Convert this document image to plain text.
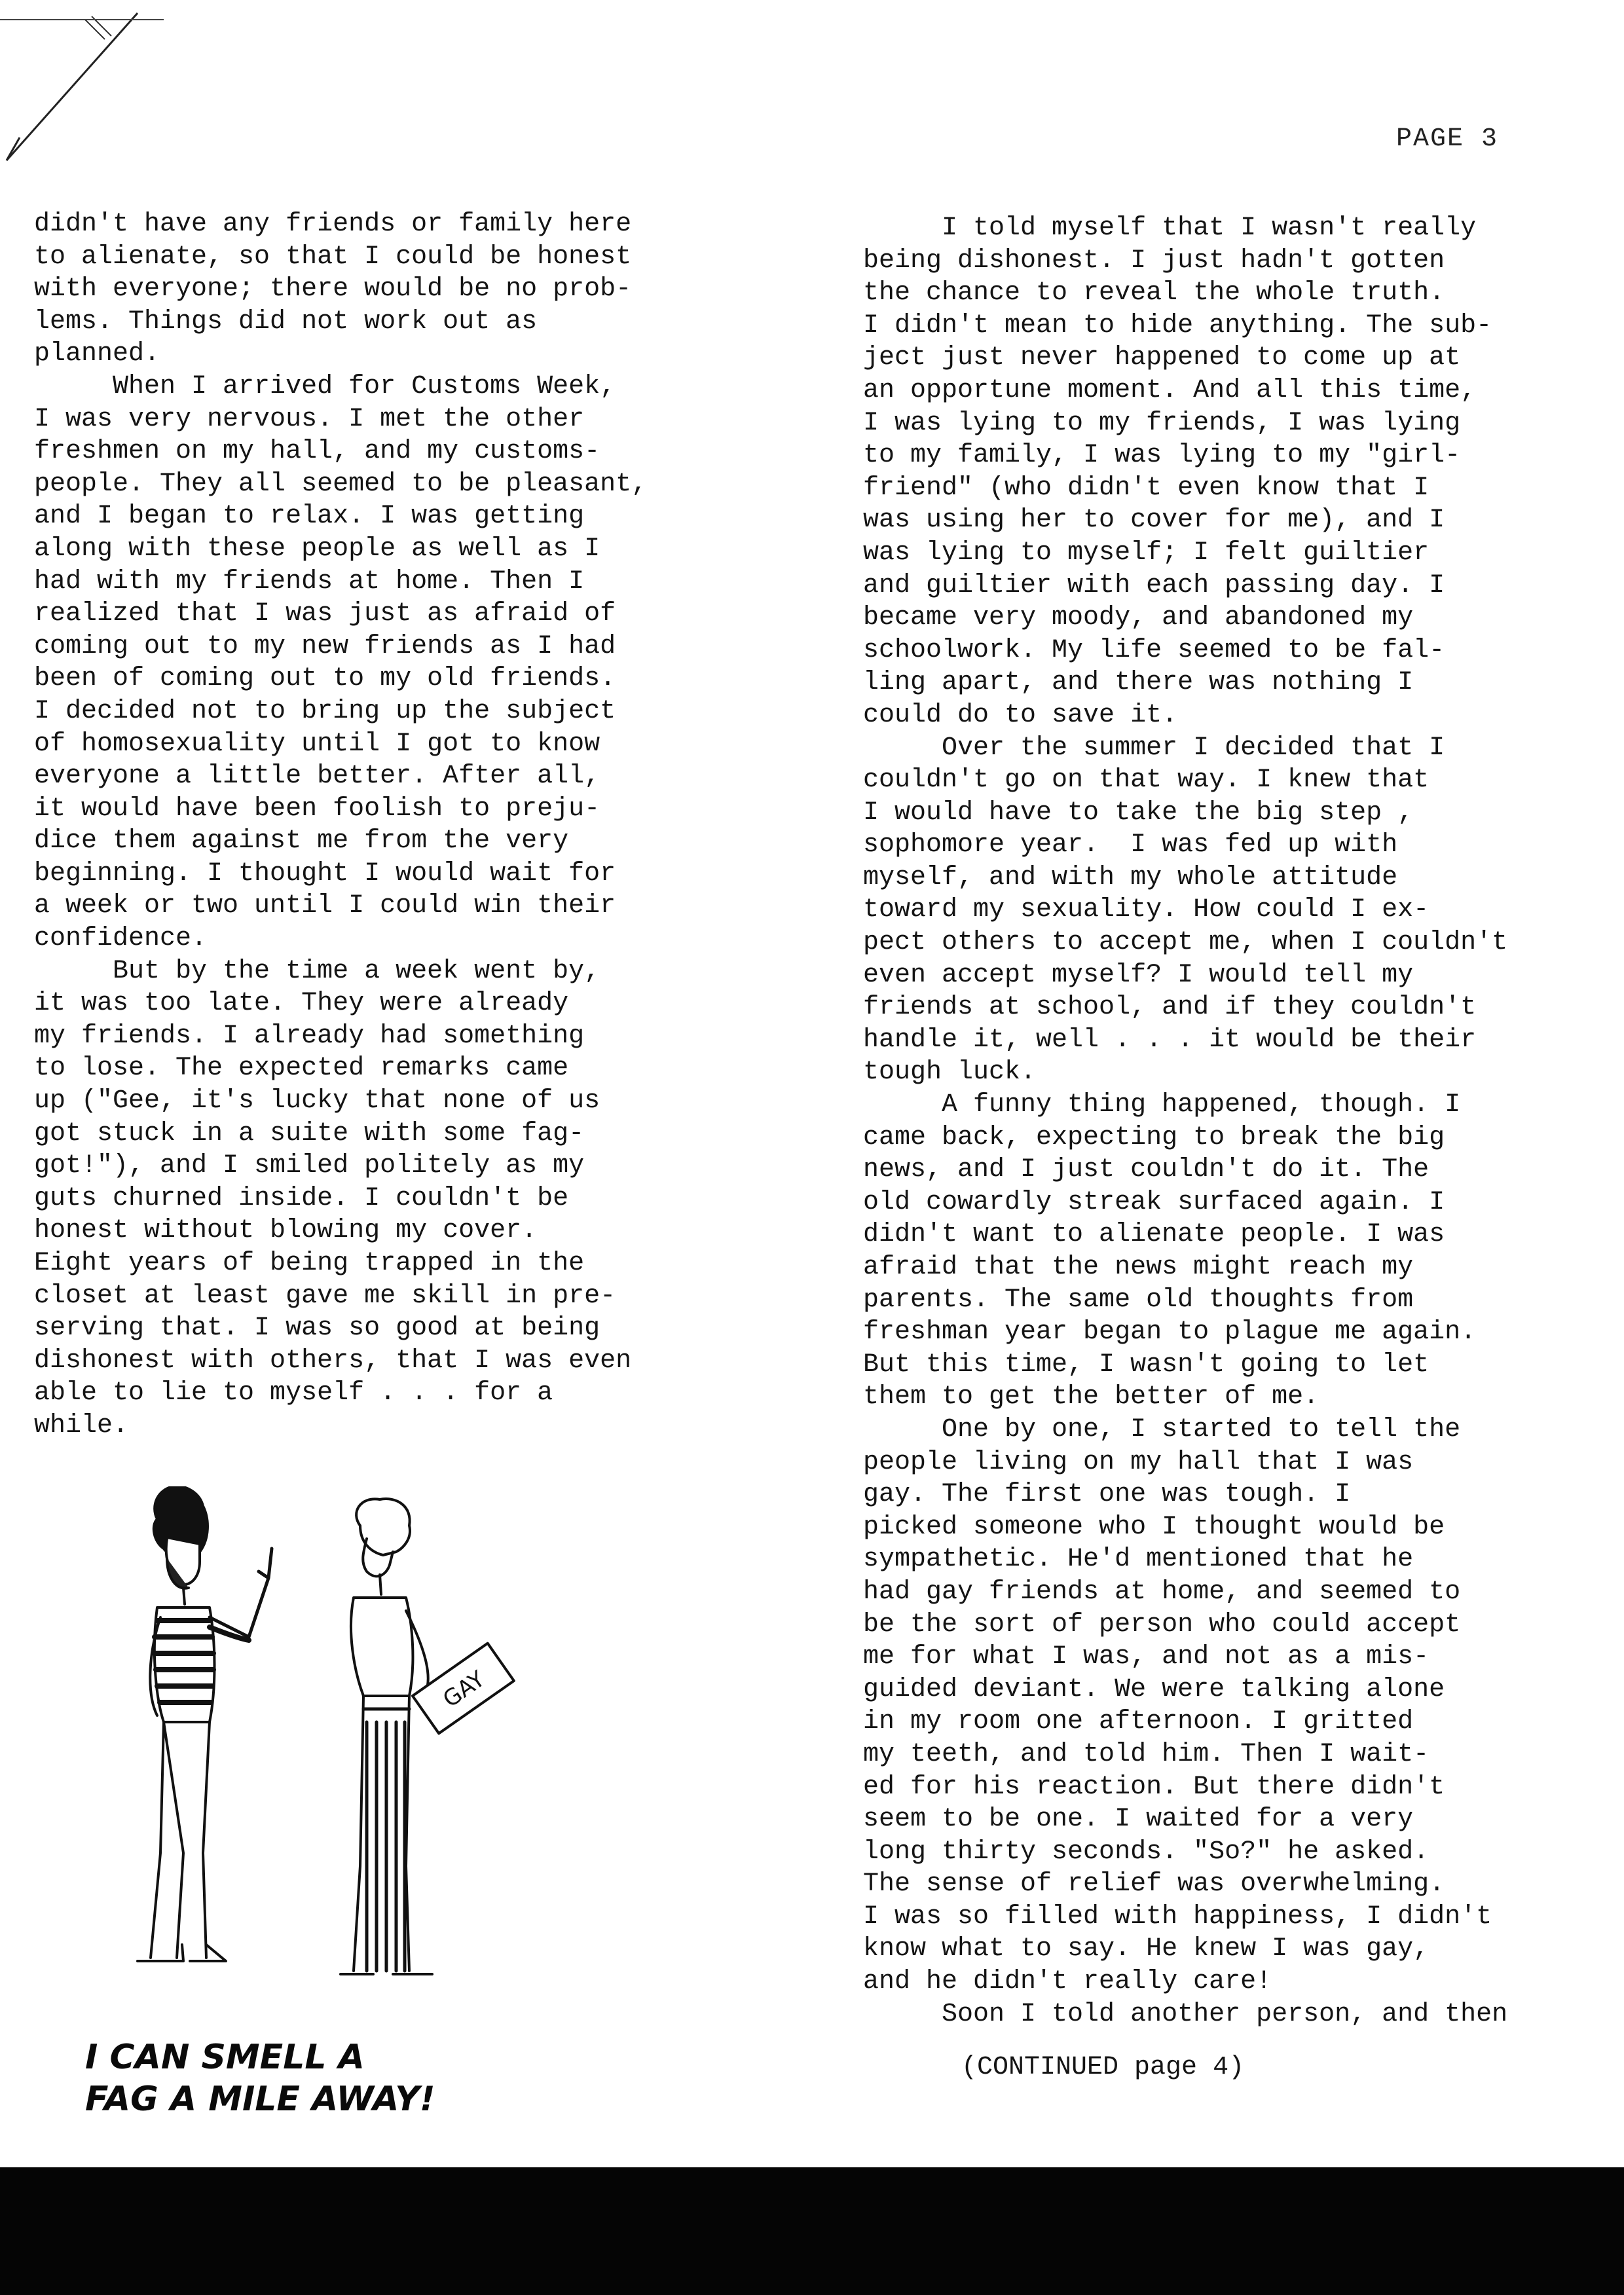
PAGE 3
didn't have any friends or family here
to alienate, so that I could be honest
with everyone; there would be no prob-
lems. Things did not work out as
planned.
When I arrived for Customs Week,
I was very nervous. I met the other
freshmen on my hall, and my customs-
people. They all seemed to be pleasant,
and I began to relax. I was getting
along with these people as well as I
had with my friends at home. Then I
realized that I was just as afraid of
coming out to my new friends as I had
been of coming out to my old friends.
I decided not to bring up the subject
of homosexuality until I got to know
everyone a little better. After all,
it would have been foolish to preju-
dice them against me from the very
beginning. I thought I would wait for
a week or two until I could win their
confidence.
But by the time a week went by,
it was too late. They were already
my friends. I already had something
to lose. The expected remarks came
up ("Gee, it's lucky that none of us
got stuck in a suite with some fag-
got!"), and I smiled politely as my
guts churned inside. I couldn't be
honest without blowing my cover.
Eight years of being trapped in the
closet at least gave me skill in pre-
serving that. I was so good at being
dishonest with others, that I was even
able to lie to myself . . . for a
while.
I told myself that I wasn't really
being dishonest. I just hadn't gotten
the chance to reveal the whole truth.
I didn't mean to hide anything. The sub-
ject just never happened to come up at
an opportune moment. And all this time,
I was lying to my friends, I was lying
to my family, I was lying to my "girl-
friend" (who didn't even know that I
was using her to cover for me), and I
was lying to myself; I felt guiltier
and guiltier with each passing day. I
became very moody, and abandoned my
schoolwork. My life seemed to be fal-
ling apart, and there was nothing I
could do to save it.
Over the summer I decided that I
couldn't go on that way. I knew that
I would have to take the big step ,
sophomore year.  I was fed up with
myself, and with my whole attitude
toward my sexuality. How could I ex-
pect others to accept me, when I couldn't
even accept myself? I would tell my
friends at school, and if they couldn't
handle it, well . . . it would be their
tough luck.
A funny thing happened, though. I
came back, expecting to break the big
news, and I just couldn't do it. The
old cowardly streak surfaced again. I
didn't want to alienate people. I was
afraid that the news might reach my
parents. The same old thoughts from
freshman year began to plague me again.
But this time, I wasn't going to let
them to get the better of me.
One by one, I started to tell the
people living on my hall that I was
gay. The first one was tough. I
picked someone who I thought would be
sympathetic. He'd mentioned that he
had gay friends at home, and seemed to
be the sort of person who could accept
me for what I was, and not as a mis-
guided deviant. We were talking alone
in my room one afternoon. I gritted
my teeth, and told him. Then I wait-
ed for his reaction. But there didn't
seem to be one. I waited for a very
long thirty seconds. "So?" he asked.
The sense of relief was overwhelming.
I was so filled with happiness, I didn't
know what to say. He knew I was gay,
and he didn't really care!
Soon I told another person, and then
(CONTINUED page 4)
GAY
I CAN SMELL A
FAG A MILE AWAY!
